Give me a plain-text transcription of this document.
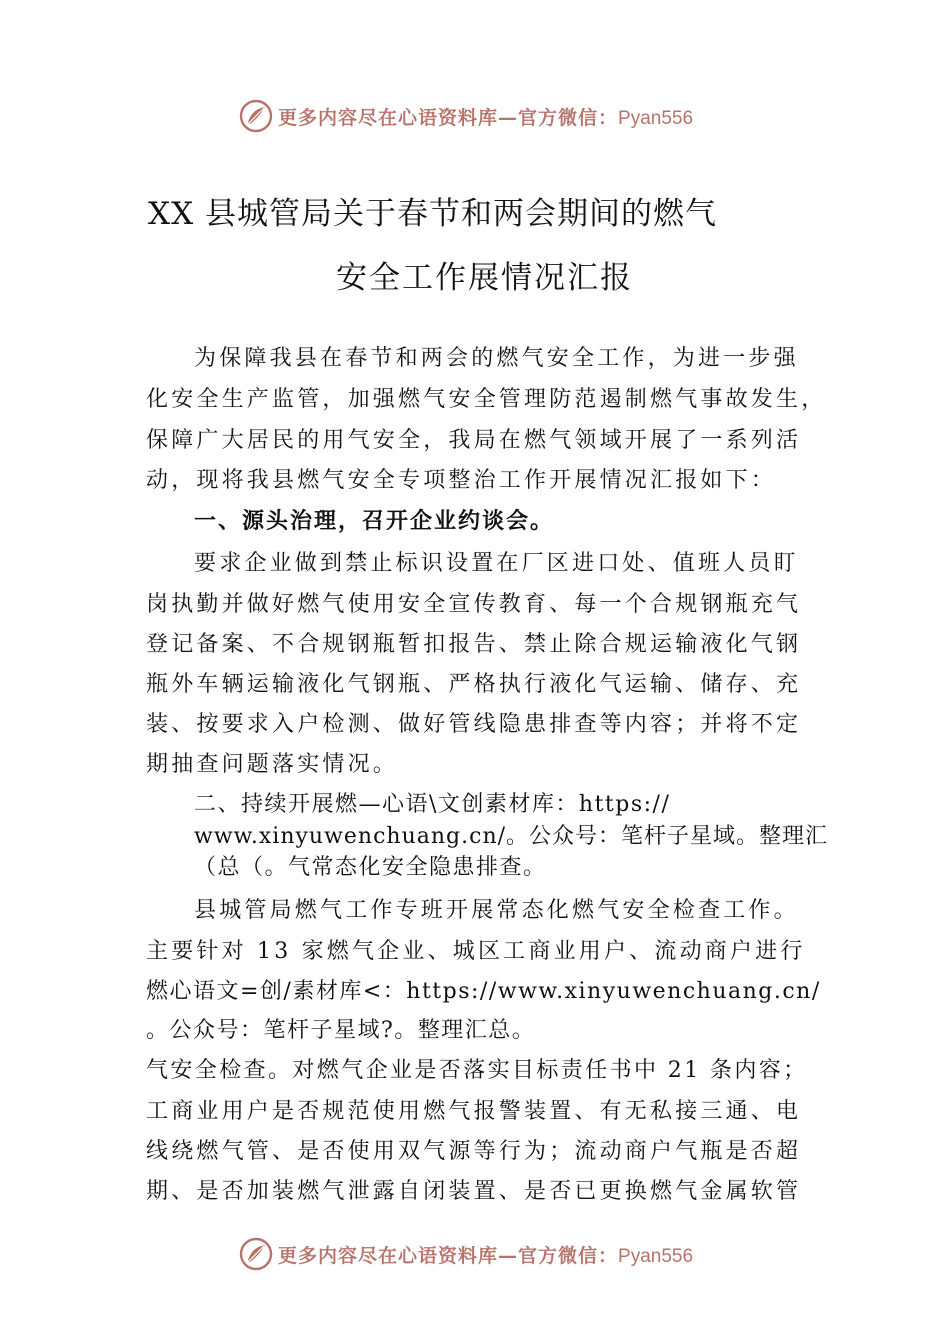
更多内容尽在心语资料库—官方微信：Pyan556
XX 县城管局关于春节和两会期间的燃气
安全工作展情况汇报
为保障我县在春节和两会的燃气安全工作，为进一步强
化安全生产监管，加强燃气安全管理防范遏制燃气事故发生，
保障广大居民的用气安全，我局在燃气领域开展了一系列活
动，现将我县燃气安全专项整治工作开展情况汇报如下：
一、源头治理，召开企业约谈会。
要求企业做到禁止标识设置在厂区进口处、值班人员盯
岗执勤并做好燃气使用安全宣传教育、每一个合规钢瓶充气
登记备案、不合规钢瓶暂扣报告、禁止除合规运输液化气钢
瓶外车辆运输液化气钢瓶、严格执行液化气运输、储存、充
装、按要求入户检测、做好管线隐患排查等内容；并将不定
期抽查问题落实情况。
二、持续开展燃—心语\文创素材库：https://
www.xinyuwenchuang.cn/。公众号：笔杆子星域。整理汇
（总（。气常态化安全隐患排查。
县城管局燃气工作专班开展常态化燃气安全检查工作。
主要针对 13 家燃气企业、城区工商业用户、流动商户进行
燃心语文=创/素材库<：https://www.xinyuwenchuang.cn/
。公众号：笔杆子星域?。整理汇总。
气安全检查。对燃气企业是否落实目标责任书中 21 条内容；
工商业用户是否规范使用燃气报警装置、有无私接三通、电
线绕燃气管、是否使用双气源等行为；流动商户气瓶是否超
期、是否加装燃气泄露自闭装置、是否已更换燃气金属软管
更多内容尽在心语资料库—官方微信：Pyan556
